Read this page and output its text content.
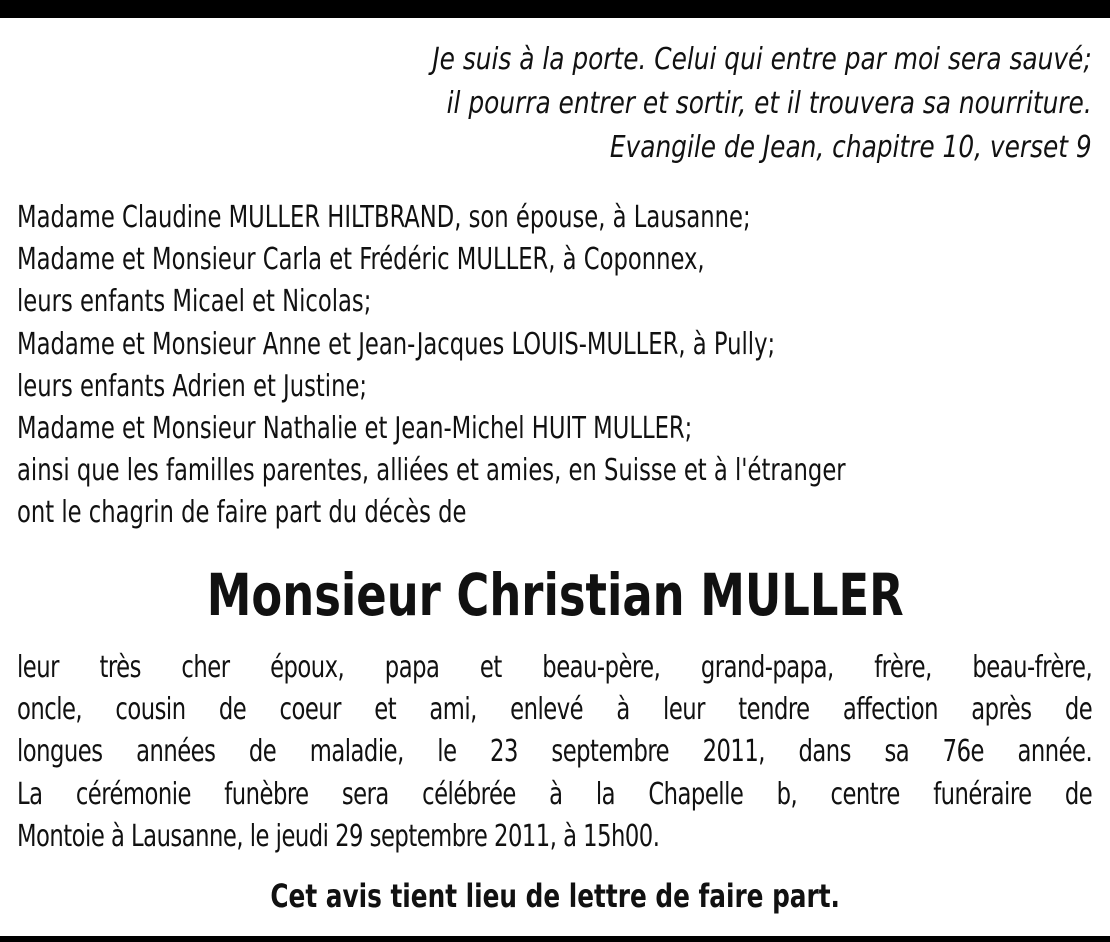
Je suis à la porte. Celui qui entre par moi sera sauvé;
il pourra entrer et sortir, et il trouvera sa nourriture.
Evangile de Jean, chapitre 10, verset 9
Madame Claudine MULLER HILTBRAND, son épouse, à Lausanne;
Madame et Monsieur Carla et Frédéric MULLER, à Coponnex,
leurs enfants Micael et Nicolas;
Madame et Monsieur Anne et Jean-Jacques LOUIS-MULLER, à Pully;
leurs enfants Adrien et Justine;
Madame et Monsieur Nathalie et Jean-Michel HUIT MULLER;
ainsi que les familles parentes, alliées et amies, en Suisse et à l'étranger
ont le chagrin de faire part du décès de
Monsieur Christian MULLER
leur très cher époux, papa et beau-père, grand-papa, frère, beau-frère,
oncle, cousin de coeur et ami, enlevé à leur tendre affection après de
longues années de maladie, le 23 septembre 2011, dans sa 76e année.
La cérémonie funèbre sera célébrée à la Chapelle b, centre funéraire de
Montoie à Lausanne, le jeudi 29 septembre 2011, à 15h00.
Cet avis tient lieu de lettre de faire part.
